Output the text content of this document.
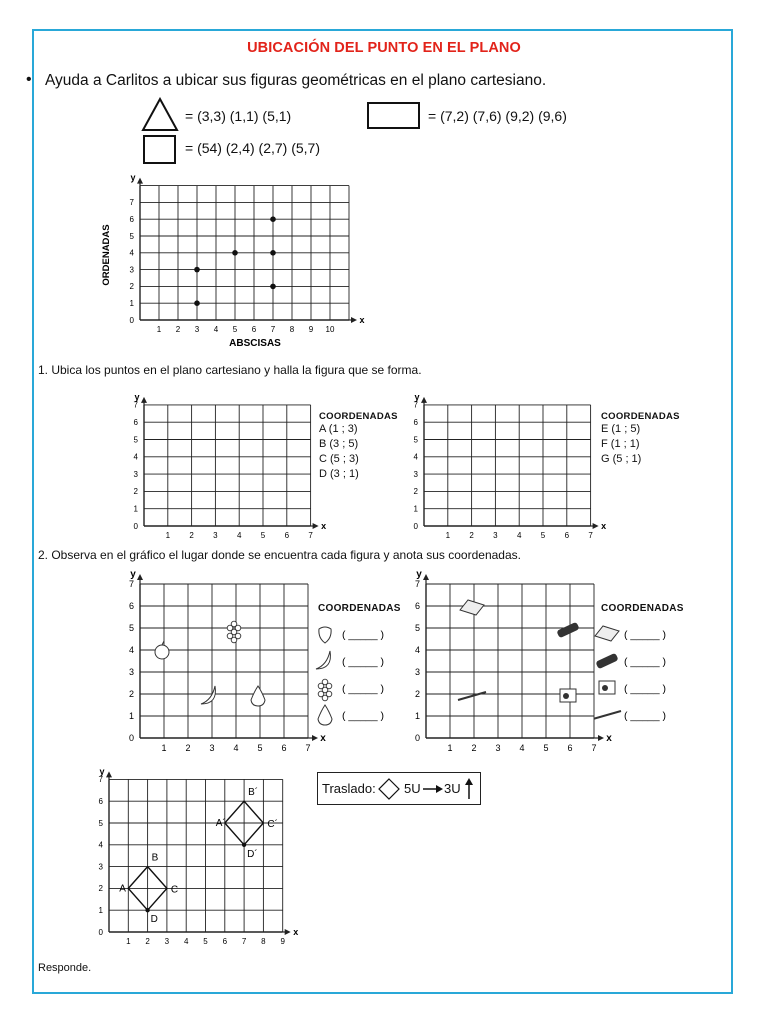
UBICACIÓN DEL PUNTO EN EL PLANO
• Ayuda a Carlitos a ubicar sus figuras geométricas en el plano cartesiano.
= (3,3) (1,1) (5,1)	= (7,2) (7,6) (9,2) (9,6)
= (54) (2,4) (2,7) (5,7)
y
x
1 2 3 4 5 6 7 8 9 10
0
1
2
3
4
5
6
7
ORDENADAS
ABSCISAS
1. Ubica los puntos en el plano cartesiano y halla la figura que se forma.
y
x
1 2 3 4 5 6 7
0
1
2
3
4
5
6
7
COORDENADAS
A (1 ; 3)
B (3 ; 5)
C (5 ; 3)
D (3 ; 1)
y
x
1 2 3 4 5 6 7
0
1
2
3
4
5
6
7
COORDENADAS
E (1 ; 5)
F (1 ; 1)
G (5 ; 1)
2. Observa en el gráfico el lugar donde se encuentra cada figura y anota sus coordenadas.
y
x
1 2 3 4 5 6 7
0
1
2
3
4
5
6
7
y
x
1 2 3 4 5 6 7
0
1
2
3
4
5
6
7
COORDENADAS	COORDENADAS
( _____ )
( _____ )
( _____ )
( _____ )
( _____ )
( _____ )
( _____ )
( _____ )
y
x
1 2 3 4 5 6 7 8 9
0
1
2
3
4
5
6
7
A
B
C
D
A´
B´
C´
D´
Traslado: 5U 3U
Responde.
